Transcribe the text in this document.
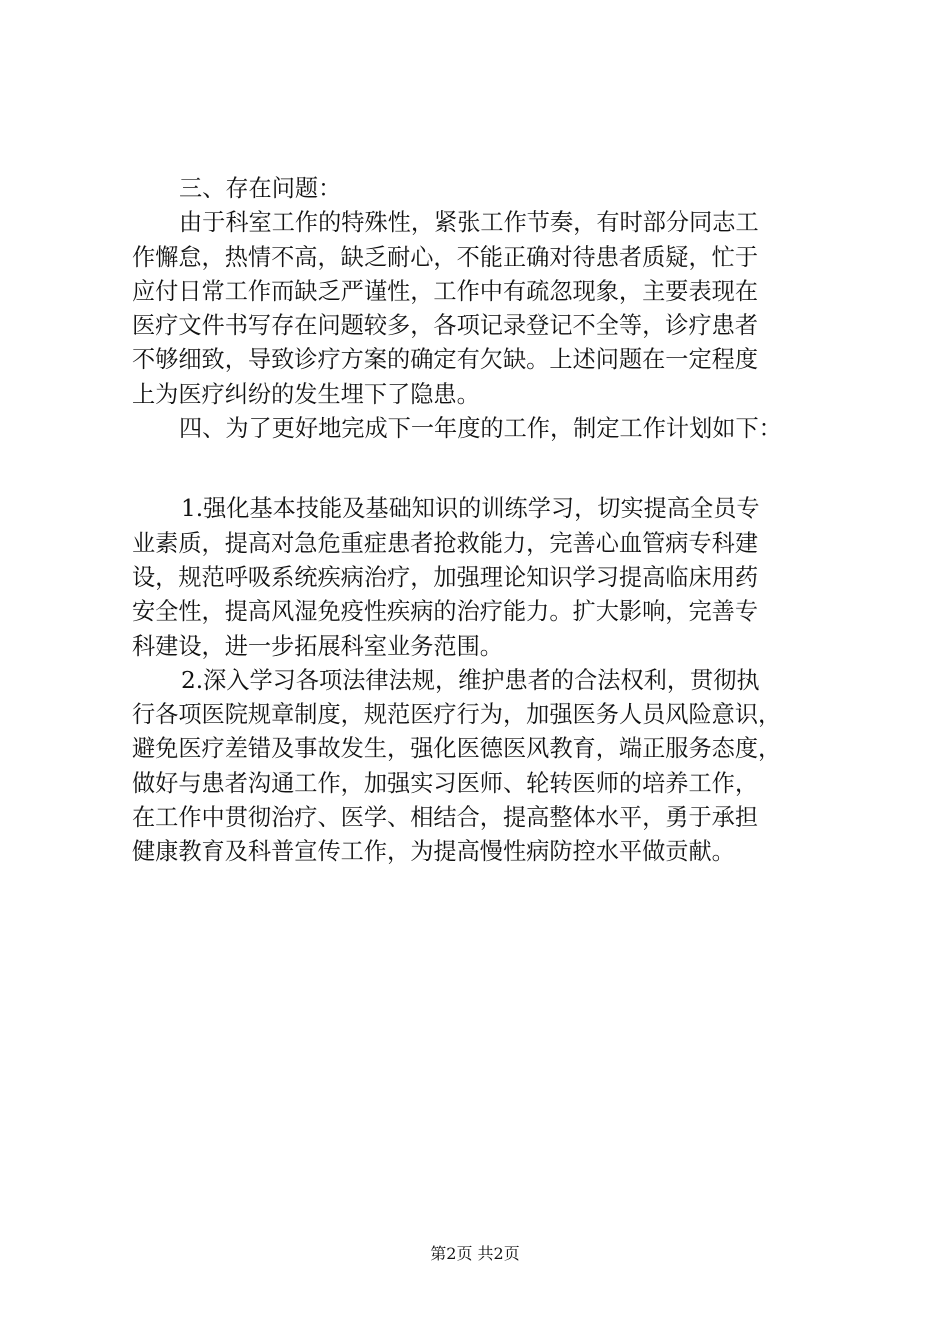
三、存在问题：

由于科室工作的特殊性，紧张工作节奏，有时部分同志工
作懈怠，热情不高，缺乏耐心，不能正确对待患者质疑，忙于
应付日常工作而缺乏严谨性，工作中有疏忽现象，主要表现在
医疗文件书写存在问题较多，各项记录登记不全等，诊疗患者
不够细致，导致诊疗方案的确定有欠缺。上述问题在一定程度
上为医疗纠纷的发生埋下了隐患。

四、为了更好地完成下一年度的工作，制定工作计划如下：

1.强化基本技能及基础知识的训练学习，切实提高全员专
业素质，提高对急危重症患者抢救能力，完善心血管病专科建
设，规范呼吸系统疾病治疗，加强理论知识学习提高临床用药
安全性，提高风湿免疫性疾病的治疗能力。扩大影响，完善专
科建设，进一步拓展科室业务范围。

2.深入学习各项法律法规，维护患者的合法权利，贯彻执
行各项医院规章制度，规范医疗行为，加强医务人员风险意识，
避免医疗差错及事故发生，强化医德医风教育，端正服务态度，
做好与患者沟通工作，加强实习医师、轮转医师的培养工作，
在工作中贯彻治疗、医学、相结合，提高整体水平，勇于承担
健康教育及科普宣传工作，为提高慢性病防控水平做贡献。

第2页 共2页
